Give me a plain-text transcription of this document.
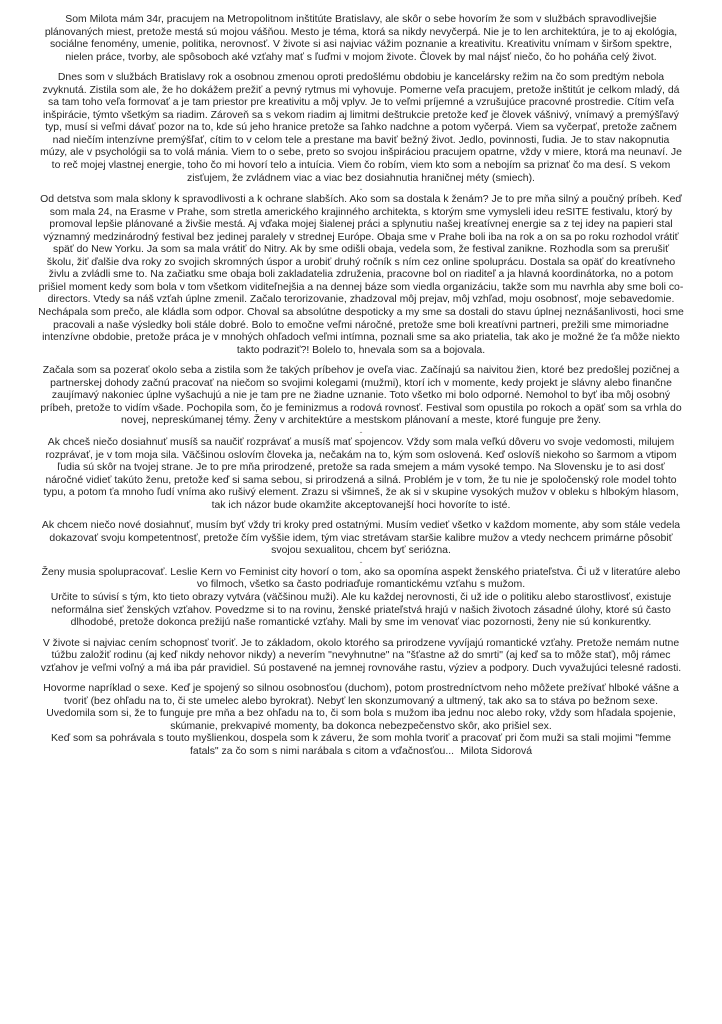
Som Milota mám 34r, pracujem na Metropolitnom inštitúte Bratislavy, ale skôr o sebe hovorím že som v službách spravodlivejšie plánovaných miest, pretože mestá sú mojou vášňou. Mesto je téma, ktorá sa nikdy nevyčerpá. Nie je to len architektúra, je to aj ekológia, sociálne fenomény, umenie, politika, nerovnosť. V živote si asi najviac vážim poznanie a kreativitu. Kreativitu vnímam v širšom spektre, nielen práce, tvorby, ale spôsoboch aké vzťahy mať s ľuďmi v mojom živote. Človek by mal nájsť niečo, čo ho poháňa celý život.

Dnes som v službách Bratislavy rok a osobnou zmenou oproti predošlému obdobiu je kancelársky režim na čo som predtým nebola zvyknutá. Zistila som ale, že ho dokážem prežiť a pevný rytmus mi vyhovuje. Pomerne veľa pracujem, pretože inštitút je celkom mladý, dá sa tam toho veľa formovať a je tam priestor pre kreativitu a môj vplyv. Je to veľmi príjemné a vzrušujúce pracovné prostredie. Cítim veľa inšpirácie, týmto všetkým sa riadim. Zároveň sa s vekom riadim aj limitmi deštrukcie pretože keď je človek vášnivý, vnímavý a premýšľavý typ, musí si veľmi dávať pozor na to, kde sú jeho hranice pretože sa ľahko nadchne a potom vyčerpá. Viem sa vyčerpať, pretože začnem nad niečím intenzívne premýšľať, cítim to v celom tele a prestane ma baviť bežný život. Jedlo, povinnosti, ľudia. Je to stav nakopnutia múzy, ale v psychológii sa to volá mánia. Viem to o sebe, preto so svojou inšpiráciou pracujem opatrne, vždy v miere, ktorá ma neunaví. Je to reč mojej vlastnej energie, toho čo mi hovorí telo a intuícia. Viem čo robím, viem kto som a nebojím sa priznať čo ma desí. S vekom zisťujem, že zvládnem viac a viac bez dosiahnutia hraničnej méty (smiech).

-

Od detstva som mala sklony k spravodlivosti a k ochrane slabších. Ako som sa dostala k ženám? Je to pre mňa silný a poučný príbeh. Keď som mala 24, na Erasme v Prahe, som stretla amerického krajinného architekta, s ktorým sme vymysleli ideu reSITE festivalu, ktorý by promoval lepšie plánované a živšie mestá. Aj vďaka mojej šialenej práci a splynutiu našej kreatívnej energie sa z tej idey na papieri stal významný medzinárodný festival bez jedinej paralely v strednej Európe. Obaja sme v Prahe boli iba na rok a on sa po roku rozhodol vrátiť späť do New Yorku. Ja som sa mala vrátiť do Nitry. Ak by sme odišli obaja, vedela som, že festival zanikne. Rozhodla som sa prerušiť školu, žiť ďalšie dva roky zo svojich skromných úspor a urobiť druhý ročník s ním cez online spoluprácu. Dostala sa opäť do kreatívneho živlu a zvládli sme to. Na začiatku sme obaja boli zakladatelia združenia, pracovne bol on riaditeľ a ja hlavná koordinátorka, no a potom prišiel moment kedy som bola v tom všetkom viditeľnejšia a na dennej báze som viedla organizáciu, takže som mu navrhla aby sme boli co-directors. Vtedy sa náš vzťah úplne zmenil. Začalo terorizovanie, zhadzoval môj prejav, môj vzhľad, moju osobnosť, moje sebavedomie. Nechápala som prečo, ale kládla som odpor. Choval sa absolútne despoticky a my sme sa dostali do stavu úplnej neznášanlivosti, hoci sme pracovali a naše výsledky boli stále dobré. Bolo to emočne veľmi náročné, pretože sme boli kreatívni partneri, prežili sme mimoriadne intenzívne obdobie, pretože práca je v mnohých ohľadoch veľmi intímna, poznali sme sa ako priatelia, tak ako je možné že ťa môže niekto takto podraziť?! Bolelo to, hnevala som sa a bojovala.

Začala som sa pozerať okolo seba a zistila som že takých príbehov je oveľa viac. Začínajú sa naivitou žien, ktoré bez predošlej pozičnej a partnerskej dohody začnú pracovať na niečom so svojimi kolegami (mužmi), ktorí ich v momente, kedy projekt je slávny alebo finančne zaujímavý nakoniec úplne vyšachujú a nie je tam pre ne žiadne uznanie. Toto všetko mi bolo odporné. Nemohol to byť iba môj osobný príbeh, pretože to vidím všade. Pochopila som, čo je feminizmus a rodová rovnosť. Festival som opustila po rokoch a opäť som sa vrhla do novej, nepreskúmanej témy. Ženy v architektúre a mestskom plánovaní a meste, ktoré funguje pre ženy.

-

Ak chceš niečo dosiahnuť musíš sa naučiť rozprávať a musíš mať spojencov. Vždy som mala veľkú dôveru vo svoje vedomosti, milujem rozprávať, je v tom moja sila. Väčšinou oslovím človeka ja, nečakám na to, kým som oslovená. Keď oslovíš niekoho so šarmom a vtipom ľudia sú skôr na tvojej strane. Je to pre mňa prirodzené, pretože sa rada smejem a mám vysoké tempo. Na Slovensku je to asi dosť náročné vidieť takúto ženu, pretože keď si sama sebou, si prirodzená a silná. Problém je v tom, že tu nie je spoločenský role model tohto typu, a potom ťa mnoho ľudí vníma ako rušivý element. Zrazu si všimneš, že ak si v skupine vysokých mužov v obleku s hlbokým hlasom, tak ich názor bude okamžite akceptovanejší hoci hovoríte to isté.

Ak chcem niečo nové dosiahnuť, musím byť vždy tri kroky pred ostatnými. Musím vedieť všetko v každom momente, aby som stále vedela dokazovať svoju kompetentnosť, pretože čím vyššie idem, tým viac stretávam staršie kalibre mužov a vtedy nechcem primárne pôsobiť svojou sexualitou, chcem byť seriózna.

-

Ženy musia spolupracovať. Leslie Kern vo Feminist city hovorí o tom, ako sa opomína aspekt ženského priateľstva. Či už v literatúre alebo vo filmoch, všetko sa často podriaďuje romantickému vzťahu s mužom.

Určite to súvisí s tým, kto tieto obrazy vytvára (väčšinou muži). Ale ku každej nerovnosti, či už ide o politiku alebo starostlivosť, existuje neformálna sieť ženských vzťahov. Povedzme si to na rovinu, ženské priateľstvá hrajú v našich životoch zásadné úlohy, ktoré sú často dlhodobé, pretože dokonca prežijú naše romantické vzťahy. Mali by sme im venovať viac pozornosti, ženy nie sú konkurentky.

V živote si najviac cením schopnosť tvoriť. Je to základom, okolo ktorého sa prirodzene vyvíjajú romantické vzťahy. Pretože nemám nutne túžbu založiť rodinu (aj keď nikdy nehovor nikdy) a neverím "nevyhnutne" na "šťastne až do smrti" (aj keď sa to môže stať), môj rámec vzťahov je veľmi voľný a má iba pár pravidiel. Sú postavené na jemnej rovnováhe rastu, výziev a podpory. Duch vyvažujúci telesné radosti.

Hovorme napríklad o sexe. Keď je spojený so silnou osobnosťou (duchom), potom prostredníctvom neho môžete prežívať hlboké vášne a tvoriť (bez ohľadu na to, či ste umelec alebo byrokrat). Nebyť len skonzumovaný a ultmený, tak ako sa to stáva po bežnom sexe. Uvedomila som si, že to funguje pre mňa a bez ohľadu na to, či som bola s mužom iba jednu noc alebo roky, vždy som hľadala spojenie, skúmanie, prekvapivé momenty, ba dokonca nebezpečenstvo skôr, ako prišiel sex.

Keď som sa pohrávala s touto myšlienkou, dospela som k záveru, že som mohla tvoriť a pracovať pri čom muži sa stali mojimi "femme fatals" za čo som s nimi narábala s citom a vďačnosťou... Milota Sidorová
